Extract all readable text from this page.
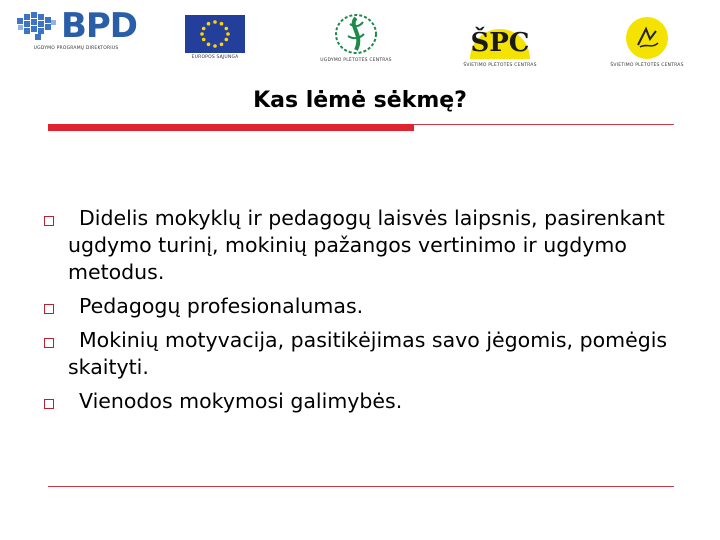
BPD
UGDYMO PROGRAMŲ DIREKTORIUS
EUROPOS SĄJUNGA
UGDYMO PLĖTOTĖS CENTRAS
ŠPC
ŠVIETIMO PLĖTOTĖS CENTRAS	ŠVIETIMO PLĖTOTĖS CENTRAS
Kas lėmė sėkmę?
Didelis mokyklų ir pedagogų laisvės laipsnis, pasirenkant ugdymo turinį, mokinių pažangos vertinimo ir ugdymo metodus.
Pedagogų profesionalumas.
Mokinių motyvacija, pasitikėjimas savo jėgomis, pomėgis skaityti.
Vienodos mokymosi galimybės.
